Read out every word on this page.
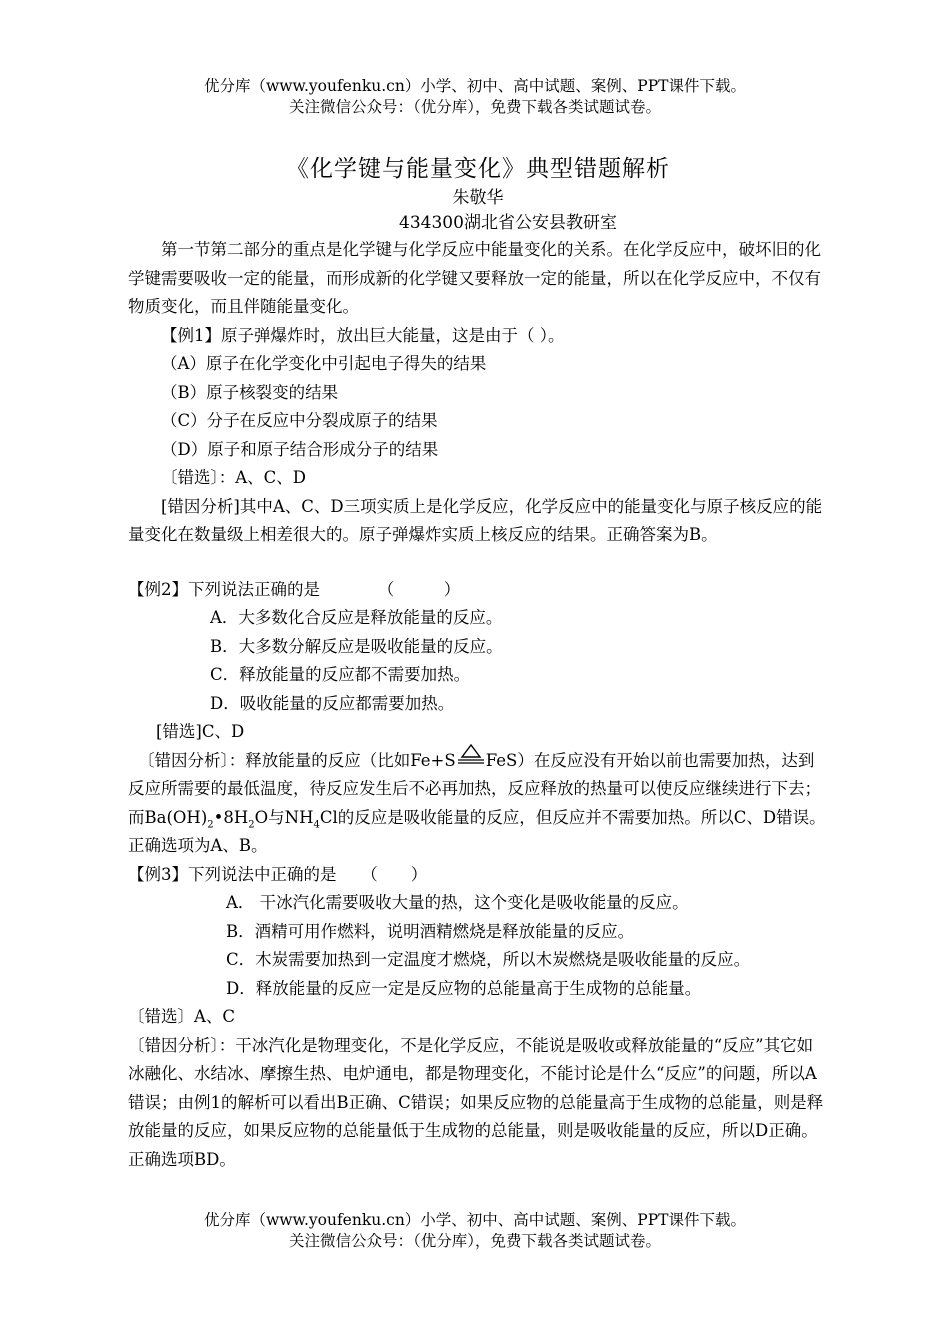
优分库（www.youfenku.cn）小学、初中、高中试题、案例、PPT课件下载。
关注微信公众号：（优分库），免费下载各类试题试卷。
《化学键与能量变化》典型错题解析
朱敬华
434300湖北省公安县教研室

第一节第二部分的重点是化学键与化学反应中能量变化的关系。在化学反应中，破坏旧的化学键需要吸收一定的能量，而形成新的化学键又要释放一定的能量，所以在化学反应中，不仅有物质变化，而且伴随能量变化。

【例1】原子弹爆炸时，放出巨大能量，这是由于（ ）。

（A）原子在化学变化中引起电子得失的结果

（B）原子核裂变的结果

（C）分子在反应中分裂成原子的结果

（D）原子和原子结合形成分子的结果

〔错选〕：A、C、D

[错因分析]其中A、C、D三项实质上是化学反应，化学反应中的能量变化与原子核反应的能量变化在数量级上相差很大的。原子弹爆炸实质上核反应的结果。正确答案为B。

【例2】下列说法正确的是　　　　（　　　）

A．大多数化合反应是释放能量的反应。

B．大多数分解反应是吸收能量的反应。

C．释放能量的反应都不需要加热。

D．吸收能量的反应都需要加热。

[错选]C、D

〔错因分析〕：释放能量的反应（比如Fe+S FeS）在反应没有开始以前也需要加热，达到反应所需要的最低温度，待反应发生后不必再加热，反应释放的热量可以使反应继续进行下去；而$Ba(OH)_2•8H_2O$与$NH_4Cl$的反应是吸收能量的反应，但反应并不需要加热。所以C、D错误。正确选项为A、B。

【例3】下列说法中正确的是　　（　　）

A． 干冰汽化需要吸收大量的热，这个变化是吸收能量的反应。

B．酒精可用作燃料，说明酒精燃烧是释放能量的反应。

C．木炭需要加热到一定温度才燃烧，所以木炭燃烧是吸收能量的反应。

D．释放能量的反应一定是反应物的总能量高于生成物的总能量。

〔错选〕A、C

〔错因分析〕：干冰汽化是物理变化，不是化学反应，不能说是吸收或释放能量的“反应”其它如冰融化、水结冰、摩擦生热、电炉通电，都是物理变化，不能讨论是什么“反应”的问题，所以A错误；由例1的解析可以看出B正确、C错误；如果反应物的总能量高于生成物的总能量，则是释放能量的反应，如果反应物的总能量低于生成物的总能量，则是吸收能量的反应，所以D正确。正确选项BD。

优分库（www.youfenku.cn）小学、初中、高中试题、案例、PPT课件下载。
关注微信公众号：（优分库），免费下载各类试题试卷。
